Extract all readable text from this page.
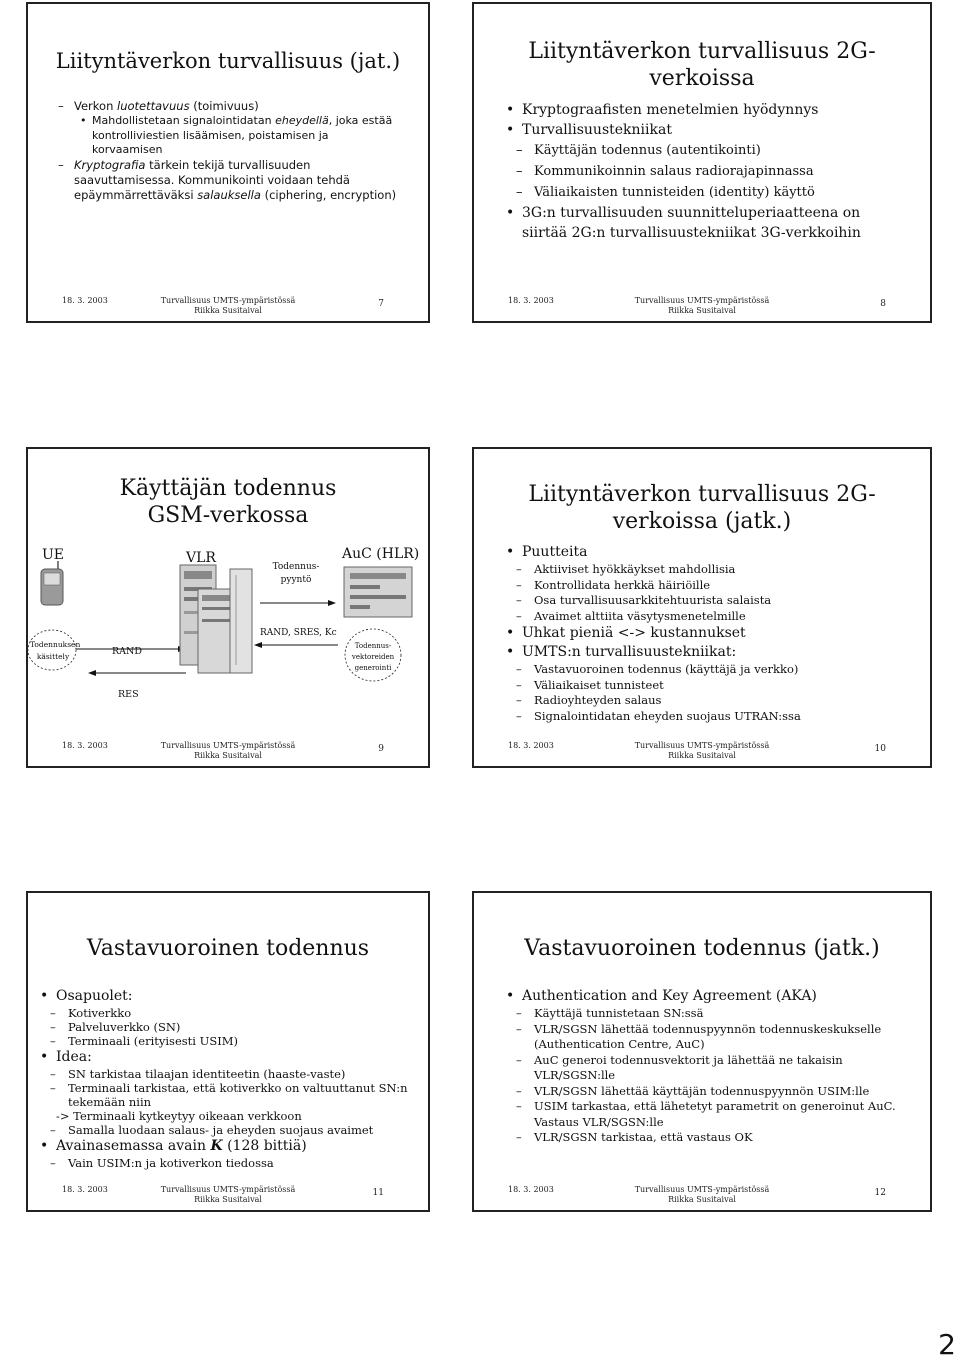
Liityntäverkon turvallisuus (jat.)
– Verkon luotettavuus (toimivuus)
• Mahdollistetaan signalointidatan eheydellä, joka estää kontrolliviestien lisäämisen, poistamisen ja korvaamisen
– Kryptografia tärkein tekijä turvallisuuden saavuttamisessa. Kommunikointi voidaan tehdä epäymmärrettäväksi salauksella (ciphering, encryption)
18. 3. 2003	Turvallisuus UMTS-ympäristössä
Riikka Susitaival
7
Liityntäverkon turvallisuus 2G-verkoissa
• Kryptograafisten menetelmien hyödynnys
• Turvallisuustekniikat
– Käyttäjän todennus (autentikointi)
– Kommunikoinnin salaus radiorajapinnassa
– Väliaikaisten tunnisteiden (identity) käyttö
• 3G:n turvallisuuden suunnitteluperiaatteena on siirtää 2G:n turvallisuustekniikat 3G-verkkoihin
18. 3. 2003	Turvallisuus UMTS-ympäristössä
Riikka Susitaival
8
Käyttäjän todennus GSM-verkossa
UE	VLR	AuC (HLR)
Todennus-pyyntö
RAND, SRES, Kc
RAND
RES
Todennuksen käsittely
Todennus-vektoreiden generointi
18. 3. 2003	Turvallisuus UMTS-ympäristössä
Riikka Susitaival
9
Liityntäverkon turvallisuus 2G-verkoissa (jatk.)
• Puutteita
– Aktiiviset hyökkäykset mahdollisia
– Kontrollidata herkkä häiriöille
– Osa turvallisuusarkkitehtuurista salaista
– Avaimet alttiita väsytysmenetelmille
• Uhkat pieniä <-> kustannukset
• UMTS:n turvallisuustekniikat:
– Vastavuoroinen todennus (käyttäjä ja verkko)
– Väliaikaiset tunnisteet
– Radioyhteyden salaus
– Signalointidatan eheyden suojaus UTRAN:ssa
18. 3. 2003	Turvallisuus UMTS-ympäristössä
Riikka Susitaival
10
Vastavuoroinen todennus
• Osapuolet:
– Kotiverkko
– Palveluverkko (SN)
– Terminaali (erityisesti USIM)
• Idea:
– SN tarkistaa tilaajan identiteetin (haaste-vaste)
– Terminaali tarkistaa, että kotiverkko on valtuuttanut SN:n tekemään niin
-> Terminaali kytkeytyy oikeaan verkkoon
– Samalla luodaan salaus- ja eheyden suojaus avaimet
• Avainasemassa avain K (128 bittiä)
– Vain USIM:n ja kotiverkon tiedossa
18. 3. 2003	Turvallisuus UMTS-ympäristössä
Riikka Susitaival
11
Vastavuoroinen todennus (jatk.)
• Authentication and Key Agreement (AKA)
– Käyttäjä tunnistetaan SN:ssä
– VLR/SGSN lähettää todennuspyynnön todennuskeskukselle (Authentication Centre, AuC)
– AuC generoi todennusvektorit ja lähettää ne takaisin VLR/SGSN:lle
– VLR/SGSN lähettää käyttäjän todennuspyynnön USIM:lle
– USIM tarkastaa, että lähetetyt parametrit on generoinut AuC. Vastaus VLR/SGSN:lle
– VLR/SGSN tarkistaa, että vastaus OK
18. 3. 2003	Turvallisuus UMTS-ympäristössä
Riikka Susitaival
12
2
